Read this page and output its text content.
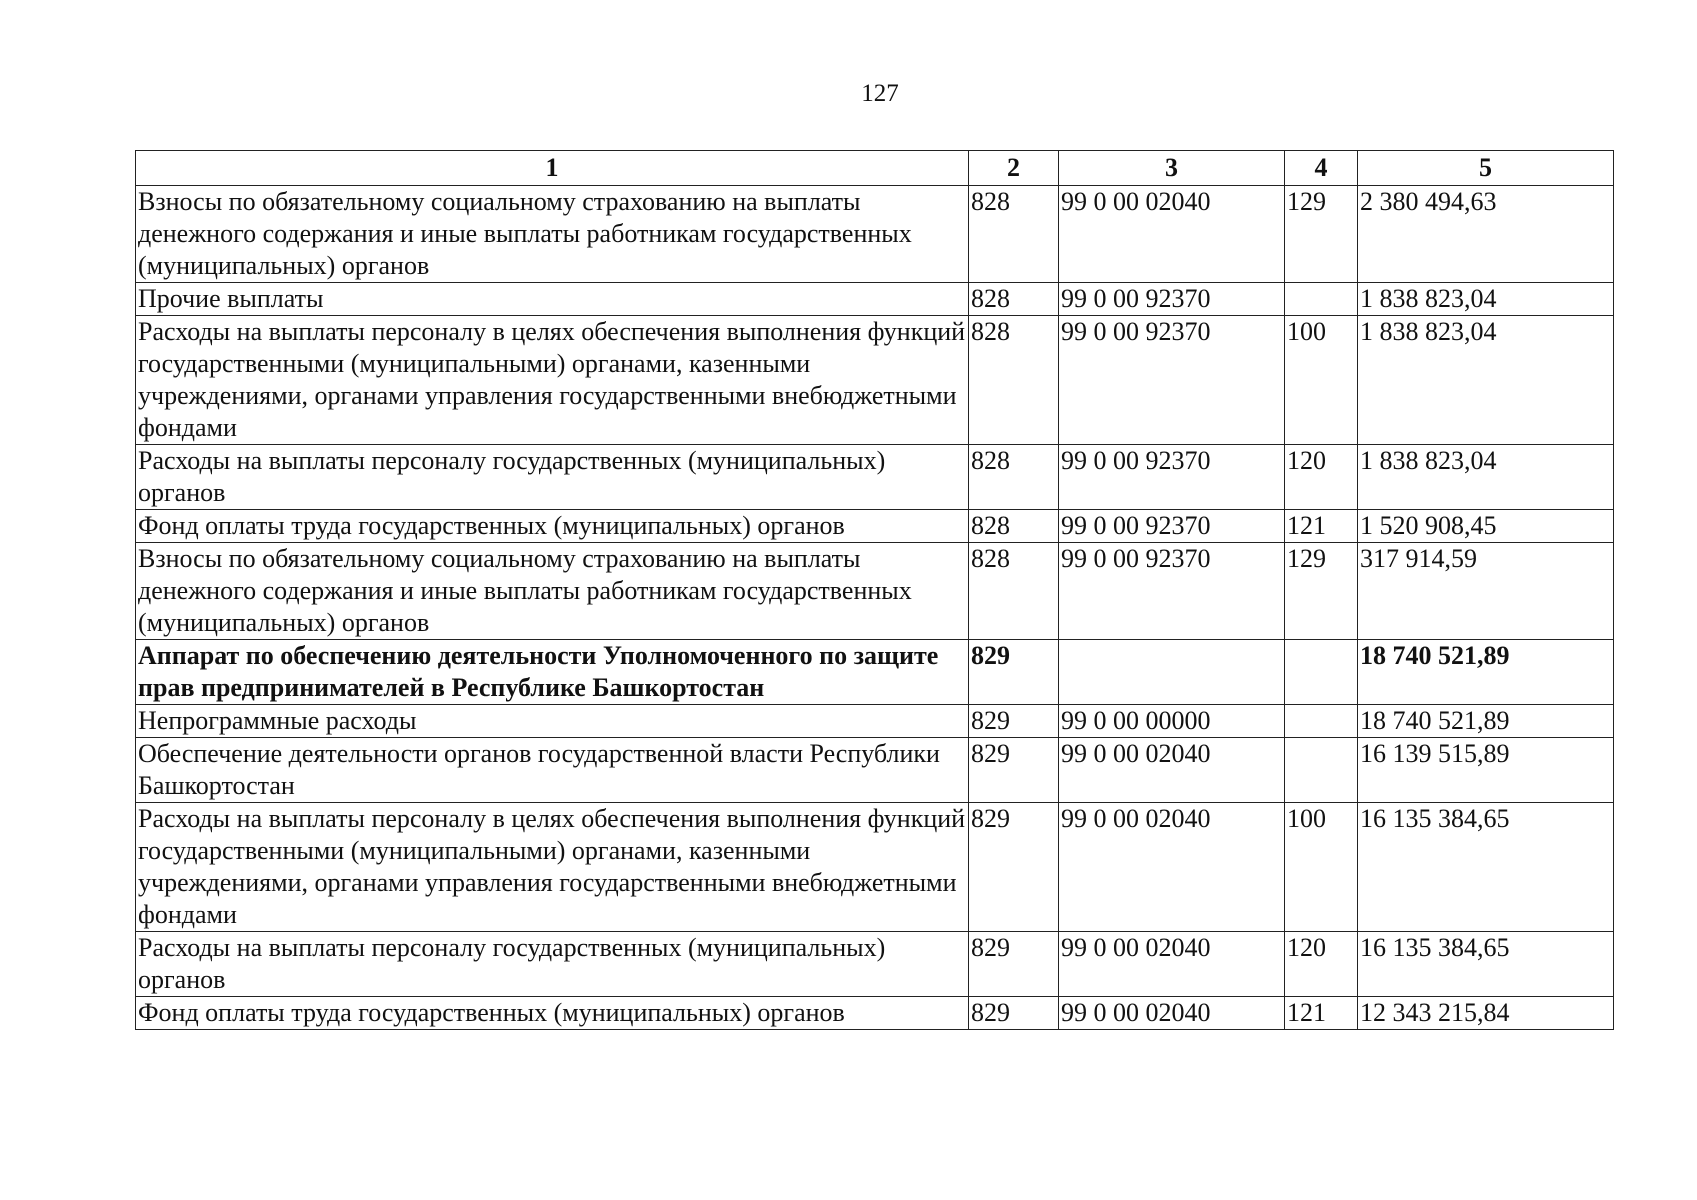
127
1	2	3	4	5
Взносы по обязательному социальному страхованию на выплаты денежного содержания и иные выплаты работникам государственных (муниципальных) органов	828	99 0 00 02040	129	2 380 494,63
Прочие выплаты	828	99 0 00 92370		1 838 823,04
Расходы на выплаты персоналу в целях обеспечения выполнения функций государственными (муниципальными) органами, казенными учреждениями, органами управления государственными внебюджетными фондами	828	99 0 00 92370	100	1 838 823,04
Расходы на выплаты персоналу государственных (муниципальных) органов	828	99 0 00 92370	120	1 838 823,04
Фонд оплаты труда государственных (муниципальных) органов	828	99 0 00 92370	121	1 520 908,45
Взносы по обязательному социальному страхованию на выплаты денежного содержания и иные выплаты работникам государственных (муниципальных) органов	828	99 0 00 92370	129	317 914,59
Аппарат по обеспечению деятельности Уполномоченного по защите прав предпринимателей в Республике Башкортостан	829			18 740 521,89
Непрограммные расходы	829	99 0 00 00000		18 740 521,89
Обеспечение деятельности органов государственной власти Республики Башкортостан	829	99 0 00 02040		16 139 515,89
Расходы на выплаты персоналу в целях обеспечения выполнения функций государственными (муниципальными) органами, казенными учреждениями, органами управления государственными внебюджетными фондами	829	99 0 00 02040	100	16 135 384,65
Расходы на выплаты персоналу государственных (муниципальных) органов	829	99 0 00 02040	120	16 135 384,65
Фонд оплаты труда государственных (муниципальных) органов	829	99 0 00 02040	121	12 343 215,84
